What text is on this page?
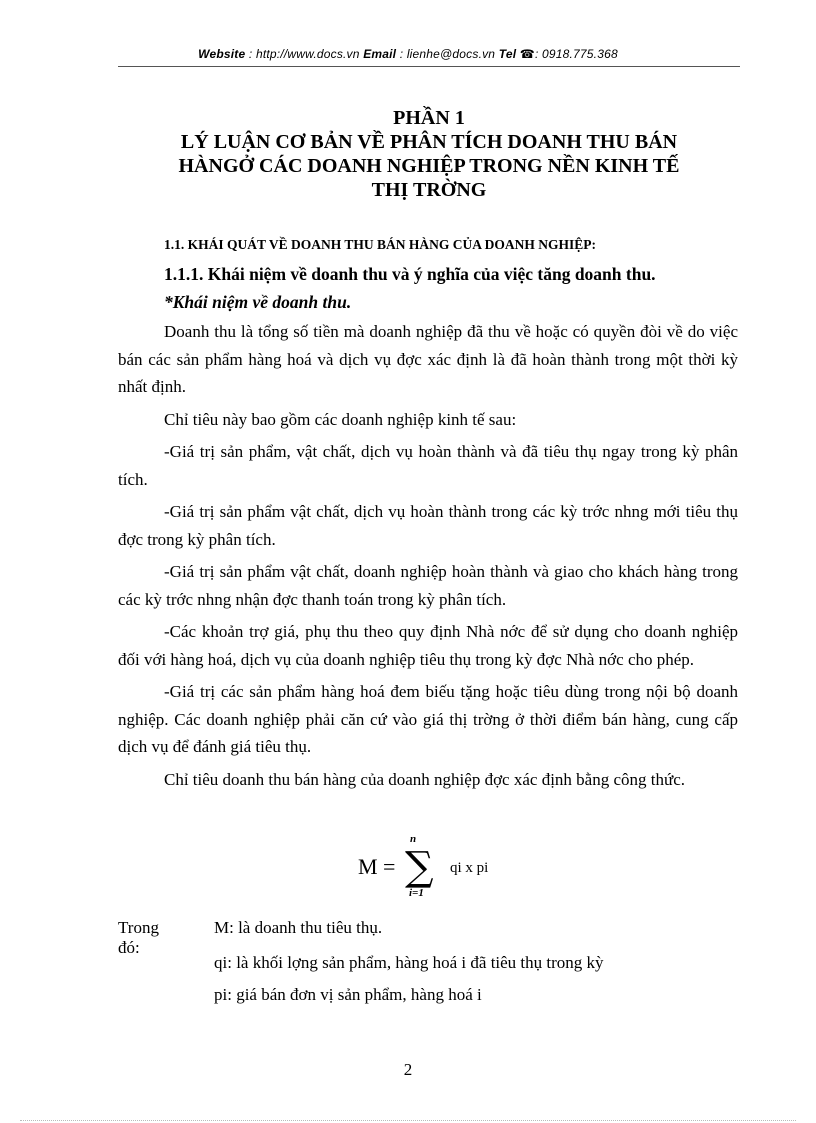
Website : http://www.docs.vn Email : lienhe@docs.vn Tel ☎: 0918.775.368
PHẦN 1
LÝ LUẬN CƠ BẢN VỀ PHÂN TÍCH DOANH THU BÁN
HÀNGỞ CÁC DOANH NGHIỆP TRONG NỀN KINH TẾ
THỊ TRỜNG
1.1. KHÁI QUÁT VỀ DOANH THU BÁN HÀNG CỦA DOANH NGHIỆP:
1.1.1. Khái niệm về doanh thu và ý nghĩa của việc tăng doanh thu.
*Khái niệm về doanh thu.

Doanh thu là tổng số tiền mà doanh nghiệp đã thu về hoặc có quyền đòi về do việc bán các sản phẩm hàng hoá và dịch vụ đợc xác định là đã hoàn thành trong một thời kỳ nhất định.

Chỉ tiêu này bao gồm các doanh nghiệp kinh tế sau:

-Giá trị sản phẩm, vật chất, dịch vụ hoàn thành và đã tiêu thụ ngay trong kỳ phân tích.

-Giá trị sản phẩm vật chất, dịch vụ hoàn thành trong các kỳ trớc nhng mới tiêu thụ đợc trong kỳ phân tích.

-Giá trị sản phẩm vật chất, doanh nghiệp hoàn thành và giao cho khách hàng trong các kỳ trớc nhng nhận đợc thanh toán trong kỳ phân tích.

-Các khoản trợ giá, phụ thu theo quy định Nhà nớc để sử dụng cho doanh nghiệp đối với hàng hoá, dịch vụ của doanh nghiệp tiêu thụ trong kỳ đợc Nhà nớc cho phép.

-Giá trị các sản phẩm hàng hoá đem biếu tặng hoặc tiêu dùng trong nội bộ doanh nghiệp. Các doanh nghiệp phải căn cứ vào giá thị trờng ở thời điểm bán hàng, cung cấp dịch vụ để đánh giá tiêu thụ.

Chỉ tiêu doanh thu bán hàng của doanh nghiệp đợc xác định bằng công thức.

M =
n
∑
i=1
qi x pi
Trong đó:
M: là doanh thu tiêu thụ.
qi: là khối lợng sản phẩm, hàng hoá i đã tiêu thụ trong kỳ
pi: giá bán đơn vị sản phẩm, hàng hoá i
2
